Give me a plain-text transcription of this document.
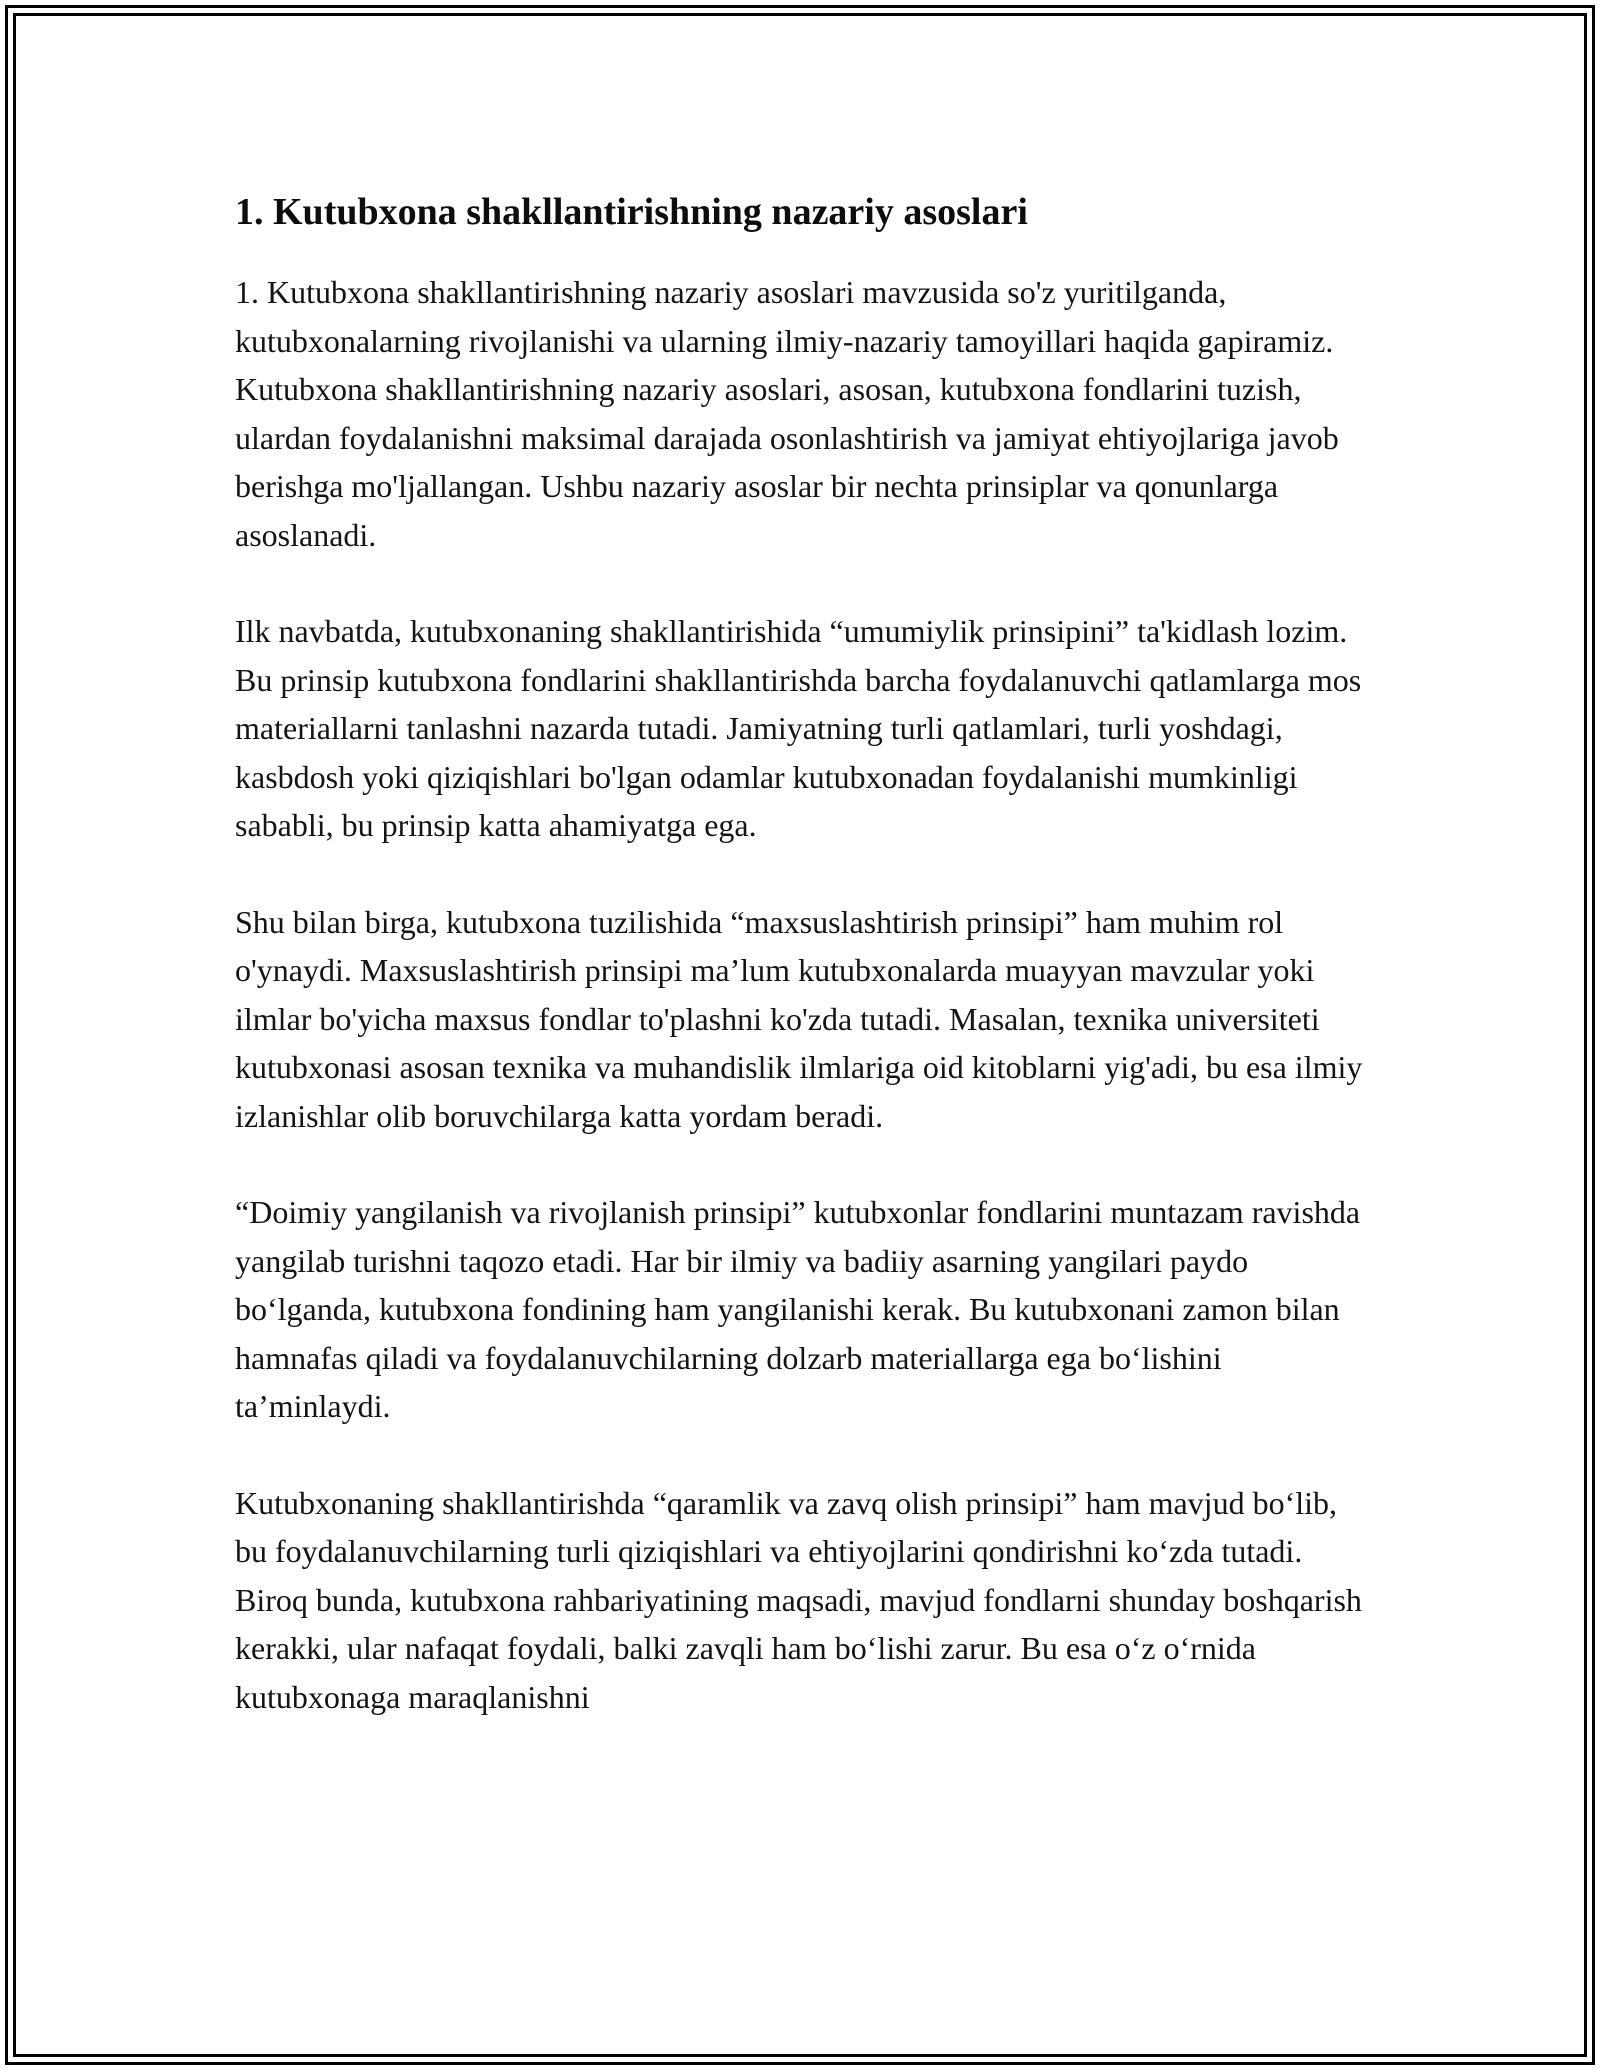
1. Kutubxona shakllantirishning nazariy asoslari

1. Kutubxona shakllantirishning nazariy asoslari mavzusida so'z yuritilganda, kutubxonalarning rivojlanishi va ularning ilmiy-nazariy tamoyillari haqida gapiramiz. Kutubxona shakllantirishning nazariy asoslari, asosan, kutubxona fondlarini tuzish, ulardan foydalanishni maksimal darajada osonlashtirish va jamiyat ehtiyojlariga javob berishga mo'ljallangan. Ushbu nazariy asoslar bir nechta prinsiplar va qonunlarga asoslanadi.

Ilk navbatda, kutubxonaning shakllantirishida “umumiylik prinsipini” ta'kidlash lozim. Bu prinsip kutubxona fondlarini shakllantirishda barcha foydalanuvchi qatlamlarga mos materiallarni tanlashni nazarda tutadi. Jamiyatning turli qatlamlari, turli yoshdagi, kasbdosh yoki qiziqishlari bo'lgan odamlar kutubxonadan foydalanishi mumkinligi sababli, bu prinsip katta ahamiyatga ega.

Shu bilan birga, kutubxona tuzilishida “maxsuslashtirish prinsipi” ham muhim rol o'ynaydi. Maxsuslashtirish prinsipi ma’lum kutubxonalarda muayyan mavzular yoki ilmlar bo'yicha maxsus fondlar to'plashni ko'zda tutadi. Masalan, texnika universiteti kutubxonasi asosan texnika va muhandislik ilmlariga oid kitoblarni yig'adi, bu esa ilmiy izlanishlar olib boruvchilarga katta yordam beradi.

“Doimiy yangilanish va rivojlanish prinsipi” kutubxonlar fondlarini muntazam ravishda yangilab turishni taqozo etadi. Har bir ilmiy va badiiy asarning yangilari paydo bo‘lganda, kutubxona fondining ham yangilanishi kerak. Bu kutubxonani zamon bilan hamnafas qiladi va foydalanuvchilarning dolzarb materiallarga ega bo‘lishini ta’minlaydi.

Kutubxonaning shakllantirishda “qaramlik va zavq olish prinsipi” ham mavjud bo‘lib, bu foydalanuvchilarning turli qiziqishlari va ehtiyojlarini qondirishni ko‘zda tutadi. Biroq bunda, kutubxona rahbariyatining maqsadi, mavjud fondlarni shunday boshqarish kerakki, ular nafaqat foydali, balki zavqli ham bo‘lishi zarur. Bu esa o‘z o‘rnida kutubxonaga maraqlanishni
